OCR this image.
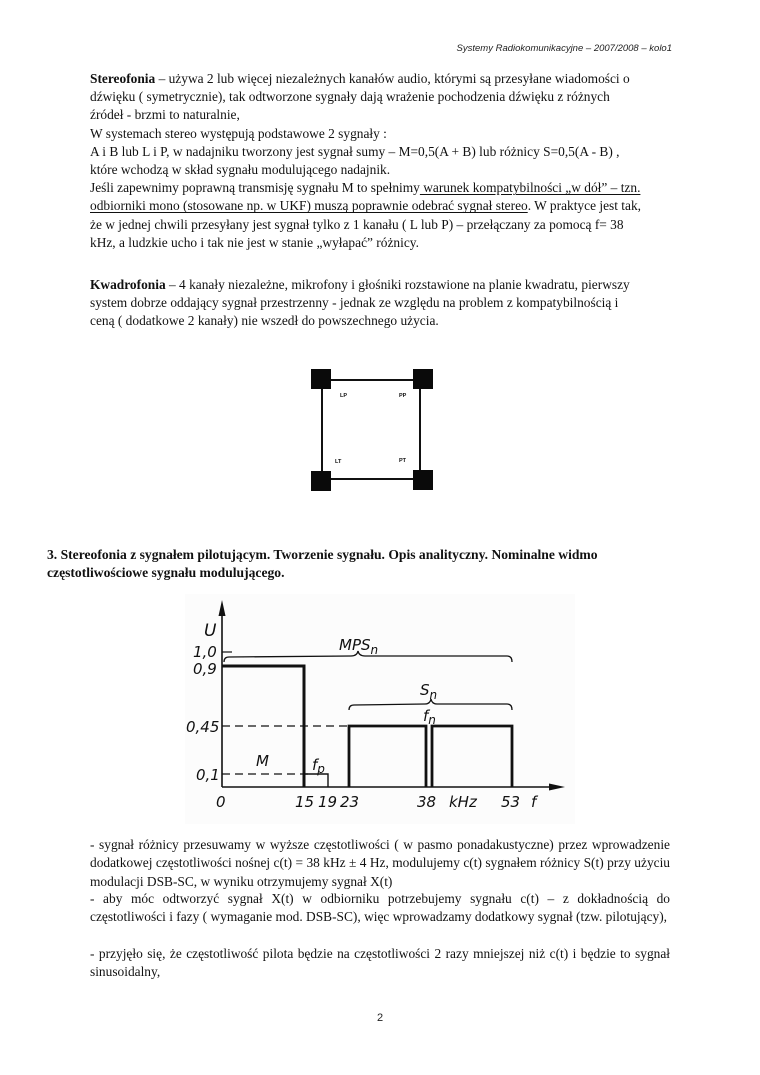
Systemy Radiokomunikacyjne – 2007/2008 – kolo1

Stereofonia – używa 2 lub więcej niezależnych kanałów audio, którymi są przesyłane wiadomości o

dźwięku ( symetrycznie), tak odtworzone sygnały dają wrażenie pochodzenia dźwięku z różnych

źródeł - brzmi to naturalnie,

W systemach stereo występują podstawowe 2 sygnały :

A i B lub L i P, w nadajniku tworzony jest sygnał sumy – M=0,5(A + B) lub różnicy S=0,5(A - B) ,

które wchodzą w skład sygnału modulującego nadajnik.

Jeśli zapewnimy poprawną transmisję sygnału M to spełnimy warunek kompatybilności „w dół” – tzn.

odbiorniki mono (stosowane np. w UKF) muszą poprawnie odebrać sygnał stereo. W praktyce jest tak,

że w jednej chwili przesyłany jest sygnał tylko z 1 kanału ( L lub P) – przełączany za pomocą f= 38

kHz, a ludzkie ucho i tak nie jest w stanie „wyłapać” różnicy.

Kwadrofonia – 4 kanały niezależne, mikrofony i głośniki rozstawione na planie kwadratu, pierwszy

system dobrze oddający sygnał przestrzenny - jednak ze względu na problem z kompatybilnością i

ceną ( dodatkowe 2 kanały) nie wszedł do powszechnego użycia.

LP	PP
LT	PT
3. Stereofonia z sygnałem pilotującym. Tworzenie sygnału. Opis analityczny. Nominalne widmo
częstotliwościowe sygnału modulującego.
U
1,0
0,9
0,45
0,1
0	15 19 23	38 kHz 53 f
$MPS_n$
$S_n$
$f_n$
$f_p$
M

- sygnał różnicy przesuwamy w wyższe częstotliwości ( w pasmo ponadakustyczne) przez wprowadzenie dodatkowej częstotliwości nośnej c(t) = 38 kHz ± 4 Hz, modulujemy c(t) sygnałem różnicy S(t) przy użyciu modulacji DSB-SC, w wyniku otrzymujemy sygnał X(t)

- aby móc odtworzyć sygnał X(t) w odbiorniku potrzebujemy sygnału c(t) – z dokładnością do częstotliwości i fazy ( wymaganie mod. DSB-SC), więc wprowadzamy dodatkowy sygnał (tzw. pilotujący),

- przyjęło się, że częstotliwość pilota będzie na częstotliwości 2 razy mniejszej niż c(t) i będzie to sygnał sinusoidalny,

2
